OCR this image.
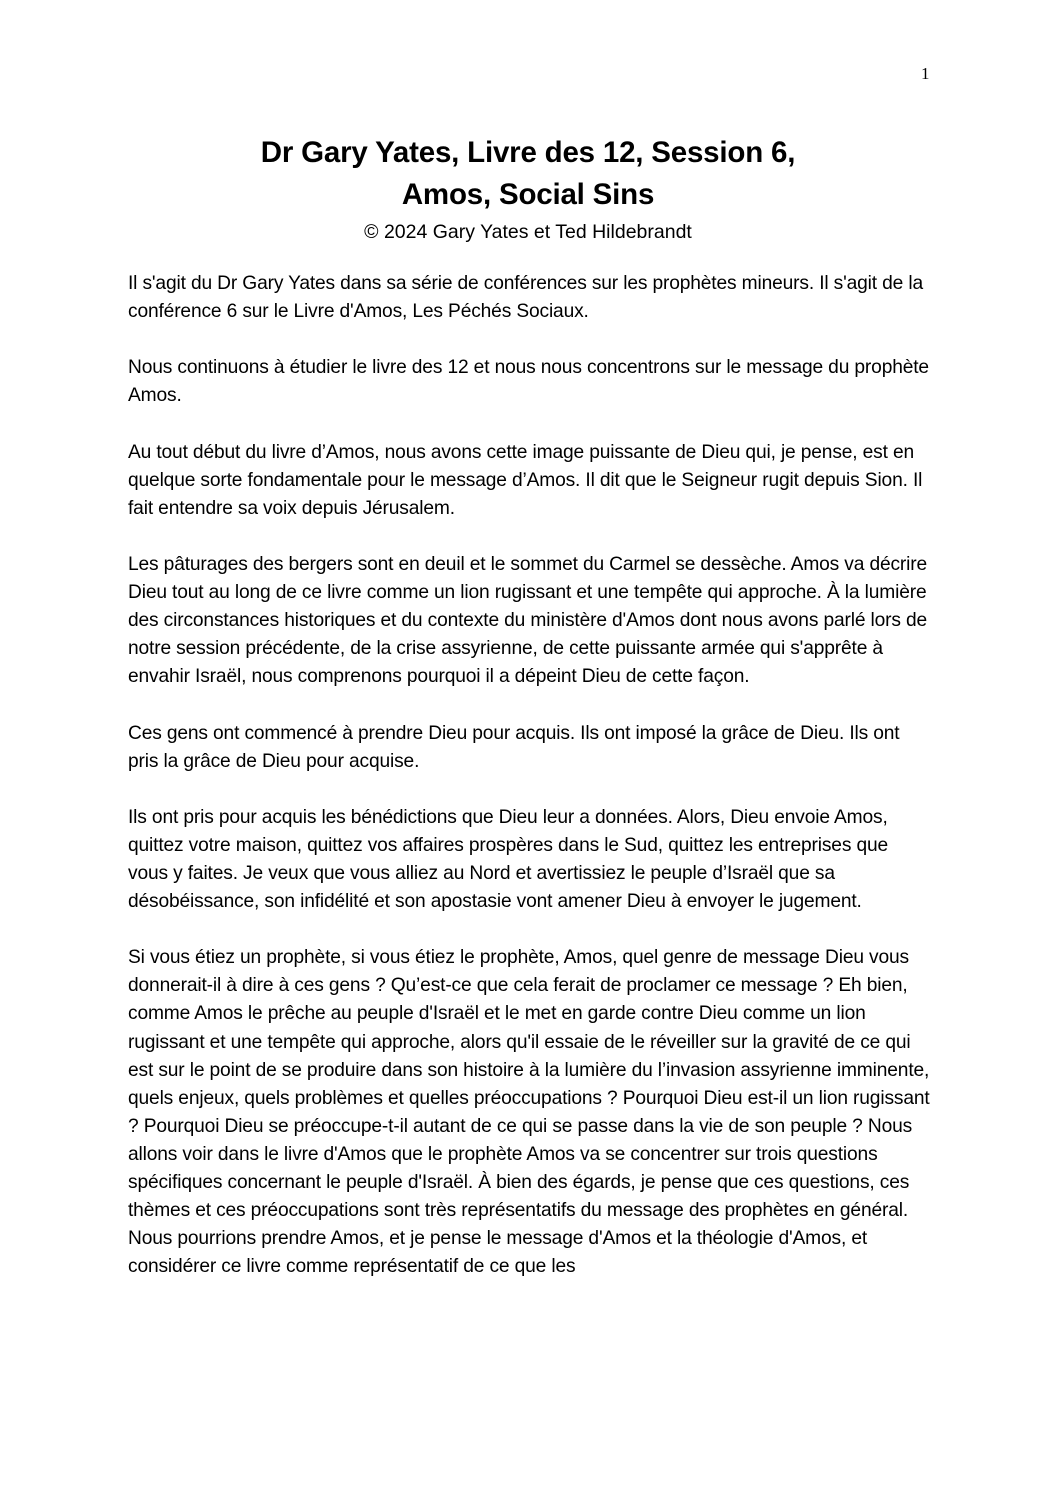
1
Dr Gary Yates, Livre des 12, Session 6,
Amos, Social Sins
© 2024 Gary Yates et Ted Hildebrandt

Il s'agit du Dr Gary Yates dans sa série de conférences sur les prophètes mineurs. Il s'agit de la conférence 6 sur le Livre d'Amos, Les Péchés Sociaux.

Nous continuons à étudier le livre des 12 et nous nous concentrons sur le message du prophète Amos.

Au tout début du livre d’Amos, nous avons cette image puissante de Dieu qui, je pense, est en quelque sorte fondamentale pour le message d’Amos. Il dit que le Seigneur rugit depuis Sion. Il fait entendre sa voix depuis Jérusalem.

Les pâturages des bergers sont en deuil et le sommet du Carmel se dessèche. Amos va décrire Dieu tout au long de ce livre comme un lion rugissant et une tempête qui approche. À la lumière des circonstances historiques et du contexte du ministère d'Amos dont nous avons parlé lors de notre session précédente, de la crise assyrienne, de cette puissante armée qui s'apprête à envahir Israël, nous comprenons pourquoi il a dépeint Dieu de cette façon.

Ces gens ont commencé à prendre Dieu pour acquis. Ils ont imposé la grâce de Dieu. Ils ont pris la grâce de Dieu pour acquise.

Ils ont pris pour acquis les bénédictions que Dieu leur a données. Alors, Dieu envoie Amos, quittez votre maison, quittez vos affaires prospères dans le Sud, quittez les entreprises que vous y faites. Je veux que vous alliez au Nord et avertissiez le peuple d’Israël que sa désobéissance, son infidélité et son apostasie vont amener Dieu à envoyer le jugement.

Si vous étiez un prophète, si vous étiez le prophète, Amos, quel genre de message Dieu vous donnerait-il à dire à ces gens ? Qu’est-ce que cela ferait de proclamer ce message ? Eh bien, comme Amos le prêche au peuple d'Israël et le met en garde contre Dieu comme un lion rugissant et une tempête qui approche, alors qu'il essaie de le réveiller sur la gravité de ce qui est sur le point de se produire dans son histoire à la lumière du l’invasion assyrienne imminente, quels enjeux, quels problèmes et quelles préoccupations ? Pourquoi Dieu est-il un lion rugissant ? Pourquoi Dieu se préoccupe-t-il autant de ce qui se passe dans la vie de son peuple ? Nous allons voir dans le livre d'Amos que le prophète Amos va se concentrer sur trois questions spécifiques concernant le peuple d'Israël. À bien des égards, je pense que ces questions, ces thèmes et ces préoccupations sont très représentatifs du message des prophètes en général. Nous pourrions prendre Amos, et je pense le message d'Amos et la théologie d'Amos, et considérer ce livre comme représentatif de ce que les
